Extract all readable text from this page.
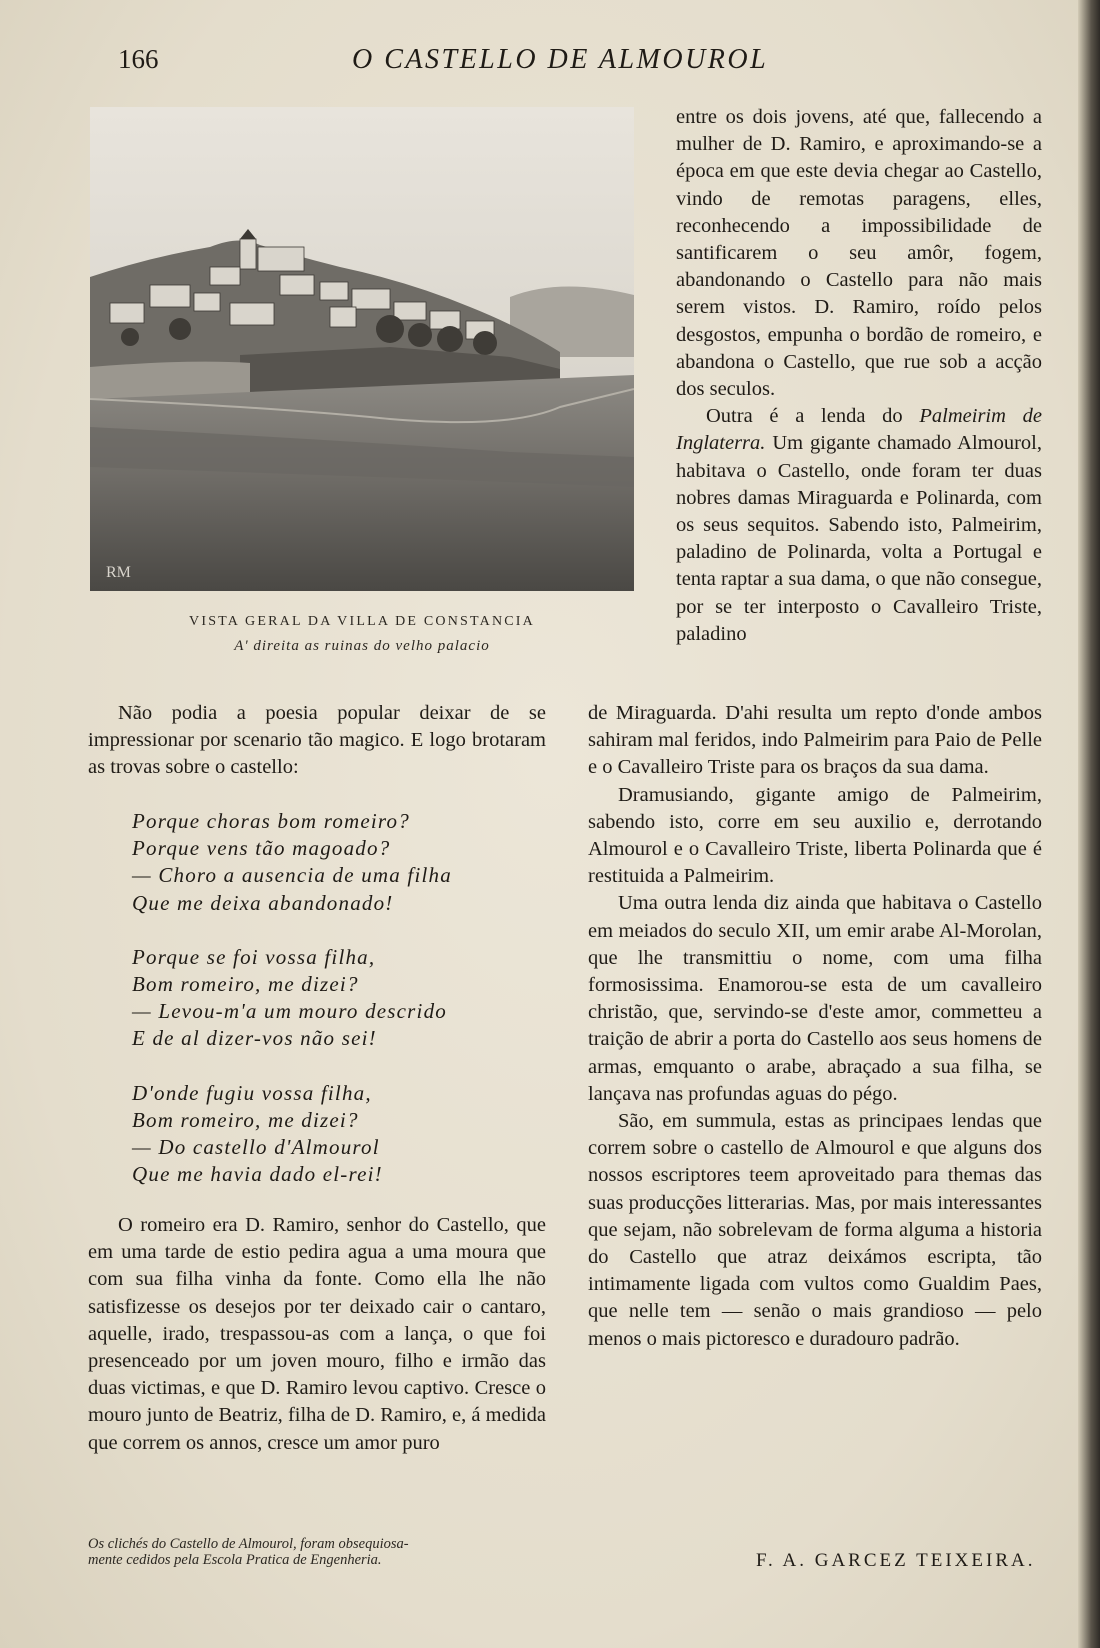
166	O CASTELLO DE ALMOUROL
RM
VISTA GERAL DA VILLA DE CONSTANCIA
A' direita as ruinas do velho palacio

Não podia a poesia popular deixar de se impressionar por scenario tão magico. E logo brotaram as trovas sobre o castello:

Porque choras bom romeiro?
Porque vens tão magoado?
— Choro a ausencia de uma filha
Que me deixa abandonado!
Porque se foi vossa filha,
Bom romeiro, me dizei?
— Levou-m'a um mouro descrido
E de al dizer-vos não sei!
D'onde fugiu vossa filha,
Bom romeiro, me dizei?
— Do castello d'Almourol
Que me havia dado el-rei!

O romeiro era D. Ramiro, senhor do Castello, que em uma tarde de estio pedira agua a uma moura que com sua filha vinha da fonte. Como ella lhe não satisfizesse os desejos por ter deixado cair o cantaro, aquelle, irado, trespassou-as com a lança, o que foi presenceado por um joven mouro, filho e irmão das duas victimas, e que D. Ramiro levou captivo. Cresce o mouro junto de Beatriz, filha de D. Ramiro, e, á medida que correm os annos, cresce um amor puro

Os clichés do Castello de Almourol, foram obsequiosa-
mente cedidos pela Escola Pratica de Engenheria.

entre os dois jovens, até que, fallecendo a mulher de D. Ramiro, e aproximando-se a época em que este devia chegar ao Castello, vindo de remotas paragens, elles, reconhecendo a impossibilidade de santificarem o seu amôr, fogem, abandonando o Castello para não mais serem vistos. D. Ramiro, roído pelos desgostos, empunha o bordão de romeiro, e abandona o Castello, que rue sob a acção dos seculos.

Outra é a lenda do Palmeirim de Inglaterra. Um gigante chamado Almourol, habitava o Castello, onde foram ter duas nobres damas Miraguarda e Polinarda, com os seus sequitos. Sabendo isto, Palmeirim, paladino de Polinarda, volta a Portugal e tenta raptar a sua dama, o que não consegue, por se ter interposto o Cavalleiro Triste, paladino

de Miraguarda. D'ahi resulta um repto d'onde ambos sahiram mal feridos, indo Palmeirim para Paio de Pelle e o Cavalleiro Triste para os braços da sua dama.

Dramusiando, gigante amigo de Palmeirim, sabendo isto, corre em seu auxilio e, derrotando Almourol e o Cavalleiro Triste, liberta Polinarda que é restituida a Palmeirim.

Uma outra lenda diz ainda que habitava o Castello em meiados do seculo XII, um emir arabe Al-Morolan, que lhe transmittiu o nome, com uma filha formosissima. Enamorou-se esta de um cavalleiro christão, que, servindo-se d'este amor, commetteu a traição de abrir a porta do Castello aos seus homens de armas, emquanto o arabe, abraçado a sua filha, se lançava nas profundas aguas do pégo.

São, em summula, estas as principaes lendas que correm sobre o castello de Almourol e que alguns dos nossos escriptores teem aproveitado para themas das suas producções litterarias. Mas, por mais interessantes que sejam, não sobrelevam de forma alguma a historia do Castello que atraz deixámos escripta, tão intimamente ligada com vultos como Gualdim Paes, que nelle tem — senão o mais grandioso — pelo menos o mais pictoresco e duradouro padrão.

F. A. GARCEZ TEIXEIRA.
